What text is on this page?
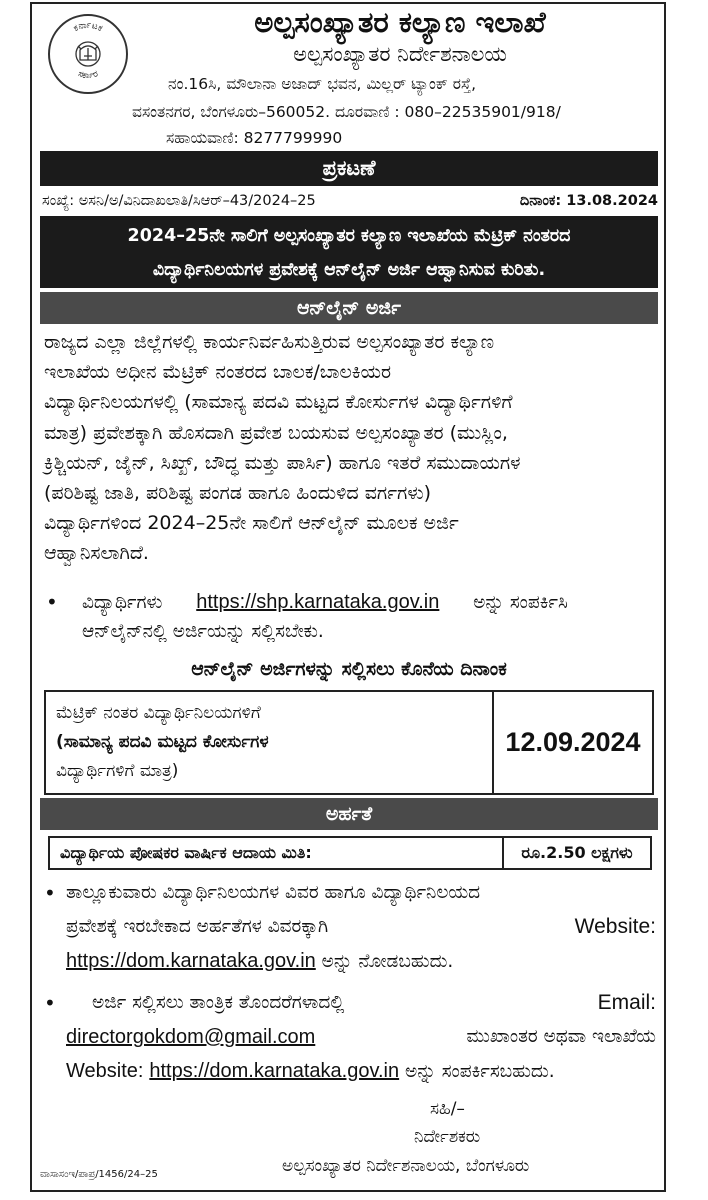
ಕರ್ನಾಟಕ
ಸರ್ಕಾರ
ಅಲ್ಪಸಂಖ್ಯಾತರ ಕಲ್ಯಾಣ ಇಲಾಖೆ
ಅಲ್ಪಸಂಖ್ಯಾತರ ನಿರ್ದೇಶನಾಲಯ
ನಂ.16ಸಿ, ಮೌಲಾನಾ ಅಜಾದ್ ಭವನ, ಮಿಲ್ಲರ್ ಟ್ಯಾಂಕ್ ರಸ್ತೆ,
ವಸಂತನಗರ, ಬೆಂಗಳೂರು–560052. ದೂರವಾಣಿ : 080–22535901/918/
ಸಹಾಯವಾಣಿ: 8277799990
ಪ್ರಕಟಣೆ
ಸಂಖ್ಯೆ: ಅಸನಿ/ಅ/ವಿನಿದಾಖಲಾತಿ/ಸಿಆರ್–43/2024–25	ದಿನಾಂಕ: 13.08.2024
2024–25ನೇ ಸಾಲಿಗೆ ಅಲ್ಪಸಂಖ್ಯಾತರ ಕಲ್ಯಾಣ ಇಲಾಖೆಯ ಮೆಟ್ರಿಕ್ ನಂತರದ
ವಿದ್ಯಾರ್ಥಿನಿಲಯಗಳ ಪ್ರವೇಶಕ್ಕೆ ಆನ್‌ಲೈನ್ ಅರ್ಜಿ ಆಹ್ವಾನಿಸುವ ಕುರಿತು.
ಆನ್‌ಲೈನ್ ಅರ್ಜಿ
ರಾಜ್ಯದ ಎಲ್ಲಾ ಜಿಲ್ಲೆಗಳಲ್ಲಿ ಕಾರ್ಯನಿರ್ವಹಿಸುತ್ತಿರುವ ಅಲ್ಪಸಂಖ್ಯಾತರ ಕಲ್ಯಾಣ
ಇಲಾಖೆಯ ಅಧೀನ ಮೆಟ್ರಿಕ್ ನಂತರದ ಬಾಲಕ/ಬಾಲಕಿಯರ
ವಿದ್ಯಾರ್ಥಿನಿಲಯಗಳಲ್ಲಿ (ಸಾಮಾನ್ಯ ಪದವಿ ಮಟ್ಟದ ಕೋರ್ಸುಗಳ ವಿದ್ಯಾರ್ಥಿಗಳಿಗೆ
ಮಾತ್ರ) ಪ್ರವೇಶಕ್ಕಾಗಿ ಹೊಸದಾಗಿ ಪ್ರವೇಶ ಬಯಸುವ ಅಲ್ಪಸಂಖ್ಯಾತರ (ಮುಸ್ಲಿಂ,
ಕ್ರಿಶ್ಚಿಯನ್, ಜೈನ್, ಸಿಖ್ಖ್, ಬೌದ್ಧ ಮತ್ತು ಪಾರ್ಸಿ) ಹಾಗೂ ಇತರೆ ಸಮುದಾಯಗಳ
(ಪರಿಶಿಷ್ಟ ಜಾತಿ, ಪರಿಶಿಷ್ಟ ಪಂಗಡ ಹಾಗೂ ಹಿಂದುಳಿದ ವರ್ಗಗಳು)
ವಿದ್ಯಾರ್ಥಿಗಳಿಂದ 2024–25ನೇ ಸಾಲಿಗೆ ಆನ್‌ಲೈನ್ ಮೂಲಕ ಅರ್ಜಿ
ಆಹ್ವಾನಿಸಲಾಗಿದೆ.
• ವಿದ್ಯಾರ್ಥಿಗಳು https://shp.karnataka.gov.in ಅನ್ನು ಸಂಪರ್ಕಿಸಿ
ಆನ್‌ಲೈನ್‌ನಲ್ಲಿ ಅರ್ಜಿಯನ್ನು ಸಲ್ಲಿಸಬೇಕು.
ಆನ್‌ಲೈನ್ ಅರ್ಜಿಗಳನ್ನು ಸಲ್ಲಿಸಲು ಕೊನೆಯ ದಿನಾಂಕ
ಮೆಟ್ರಿಕ್ ನಂತರ ವಿದ್ಯಾರ್ಥಿನಿಲಯಗಳಿಗೆ
(ಸಾಮಾನ್ಯ ಪದವಿ ಮಟ್ಟದ ಕೋರ್ಸುಗಳ
ವಿದ್ಯಾರ್ಥಿಗಳಿಗೆ ಮಾತ್ರ)
	12.09.2024
ಅರ್ಹತೆ
ವಿದ್ಯಾರ್ಥಿಯ ಪೋಷಕರ ವಾರ್ಷಿಕ ಆದಾಯ ಮಿತಿ:	ರೂ.2.50 ಲಕ್ಷಗಳು
• ತಾಲ್ಲೂಕುವಾರು ವಿದ್ಯಾರ್ಥಿನಿಲಯಗಳ ವಿವರ ಹಾಗೂ ವಿದ್ಯಾರ್ಥಿನಿಲಯದ
ಪ್ರವೇಶಕ್ಕೆ ಇರಬೇಕಾದ ಅರ್ಹತೆಗಳ ವಿವರಕ್ಕಾಗಿ	Website:
https://dom.karnataka.gov.in ಅನ್ನು ನೋಡಬಹುದು.
• ಅರ್ಜಿ ಸಲ್ಲಿಸಲು ತಾಂತ್ರಿಕ ತೊಂದರೆಗಳಾದಲ್ಲಿ	Email:
directorgokdom@gmail.com	ಮುಖಾಂತರ ಅಥವಾ ಇಲಾಖೆಯ
Website: https://dom.karnataka.gov.in ಅನ್ನು ಸಂಪರ್ಕಿಸಬಹುದು.
ಸಹಿ/–
ನಿರ್ದೇಶಕರು
ಅಲ್ಪಸಂಖ್ಯಾತರ ನಿರ್ದೇಶನಾಲಯ, ಬೆಂಗಳೂರು
ವಾಸಾಸಂಇ/ಪಾಪ್ರ/1456/24–25
